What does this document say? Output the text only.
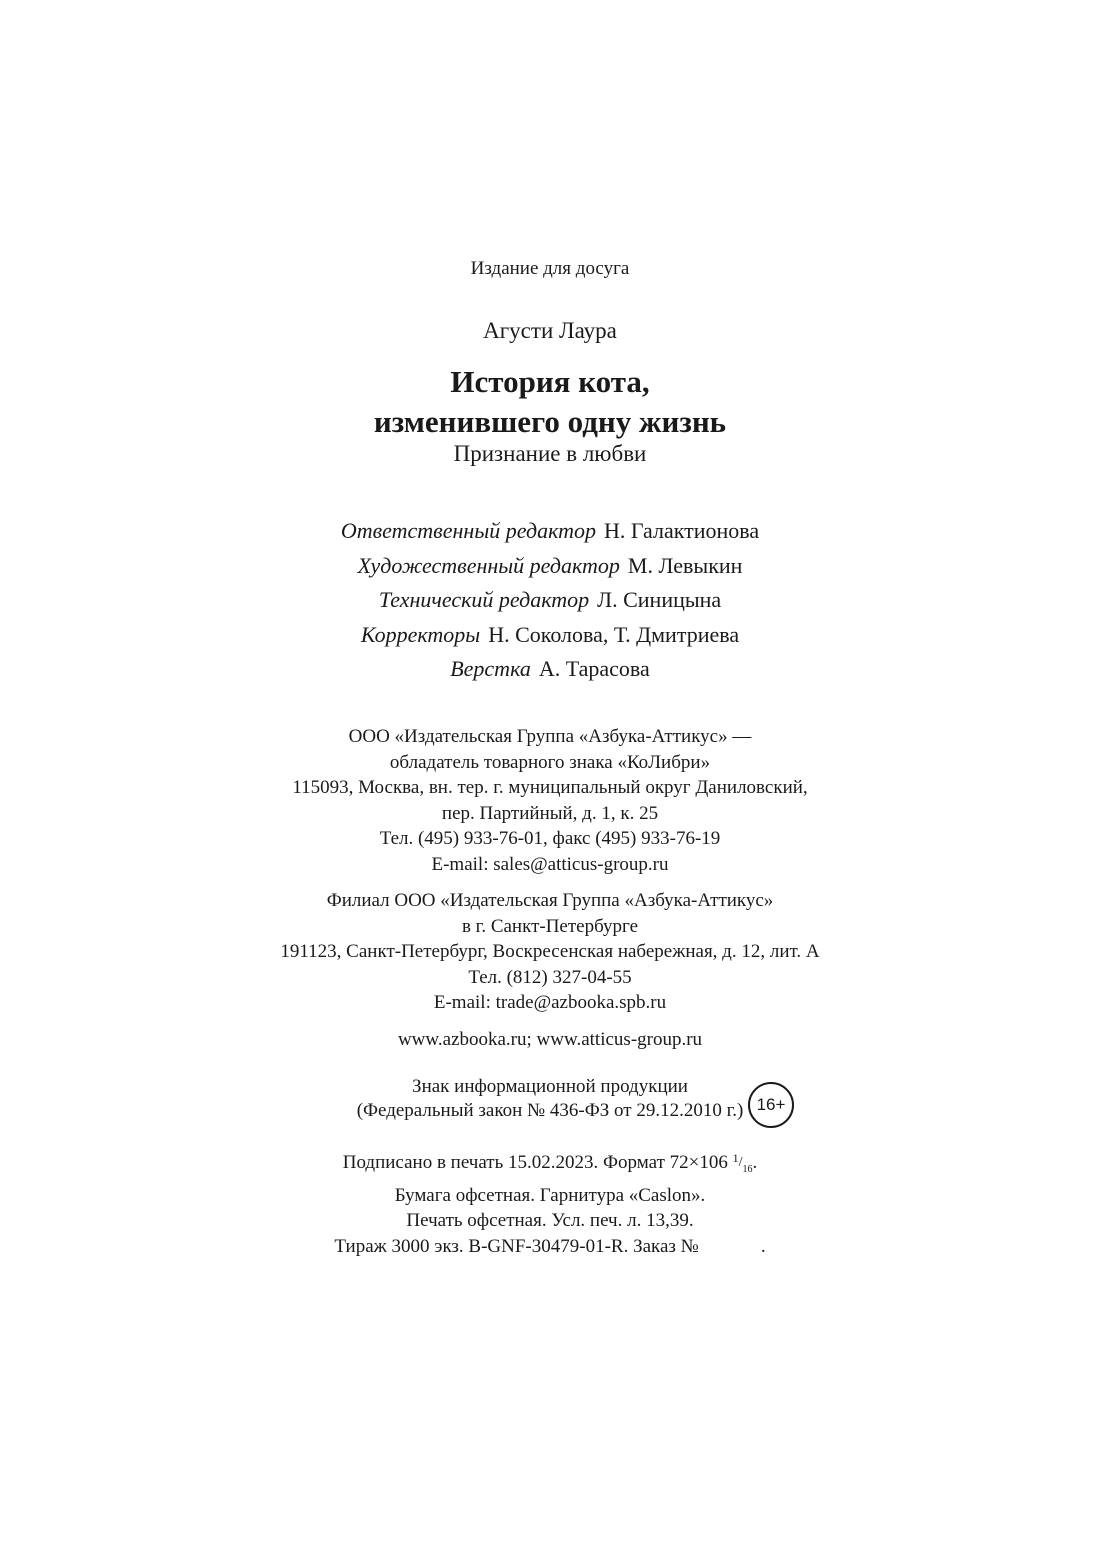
Издание для досуга
Агусти Лаура
История кота,
изменившего одну жизнь
Признание в любви
Ответственный редактор Н. Галактионова
Художественный редактор М. Левыкин
Технический редактор Л. Синицына
Корректоры Н. Соколова, Т. Дмитриева
Верстка А. Тарасова
ООО «Издательская Группа «Азбука-Аттикус» —
обладатель товарного знака «КоЛибри»
115093, Москва, вн. тер. г. муниципальный округ Даниловский,
пер. Партийный, д. 1, к. 25
Тел. (495) 933-76-01, факс (495) 933-76-19
E-mail: sales@atticus-group.ru
Филиал ООО «Издательская Группа «Азбука-Аттикус»
в г. Санкт-Петербурге
191123, Санкт-Петербург, Воскресенская набережная, д. 12, лит. А
Тел. (812) 327-04-55
E-mail: trade@azbooka.spb.ru
www.azbooka.ru; www.atticus-group.ru
Знак информационной продукции
(Федеральный закон № 436-ФЗ от 29.12.2010 г.) 16+
Подписано в печать 15.02.2023. Формат 72×106 $^1/_{16}$.
Бумага офсетная. Гарнитура «Caslon».
Печать офсетная. Усл. печ. л. 13,39.
Тираж 3000 экз. B-GNF-30479-01-R. Заказ №	.
